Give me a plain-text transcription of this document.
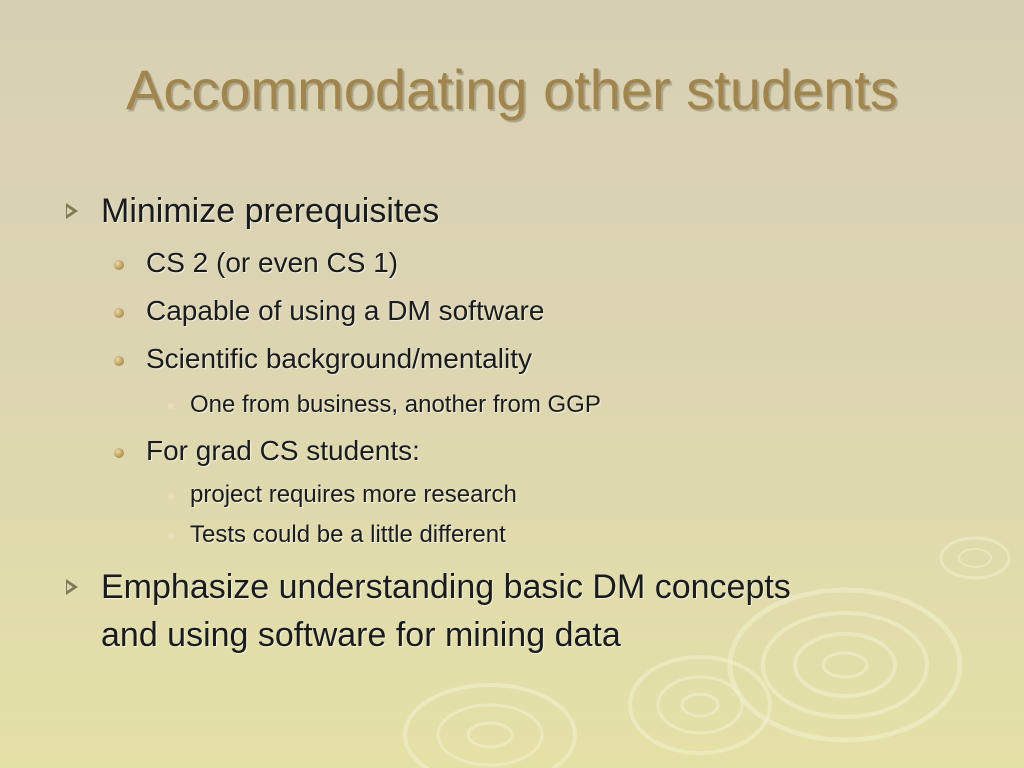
Accommodating other students
Minimize prerequisites
CS 2 (or even CS 1)
Capable of using a DM software
Scientific background/mentality
One from business, another from GGP
For grad CS students:
project requires more research
Tests could be a little different
Emphasize understanding basic DM concepts
and using software for mining data
